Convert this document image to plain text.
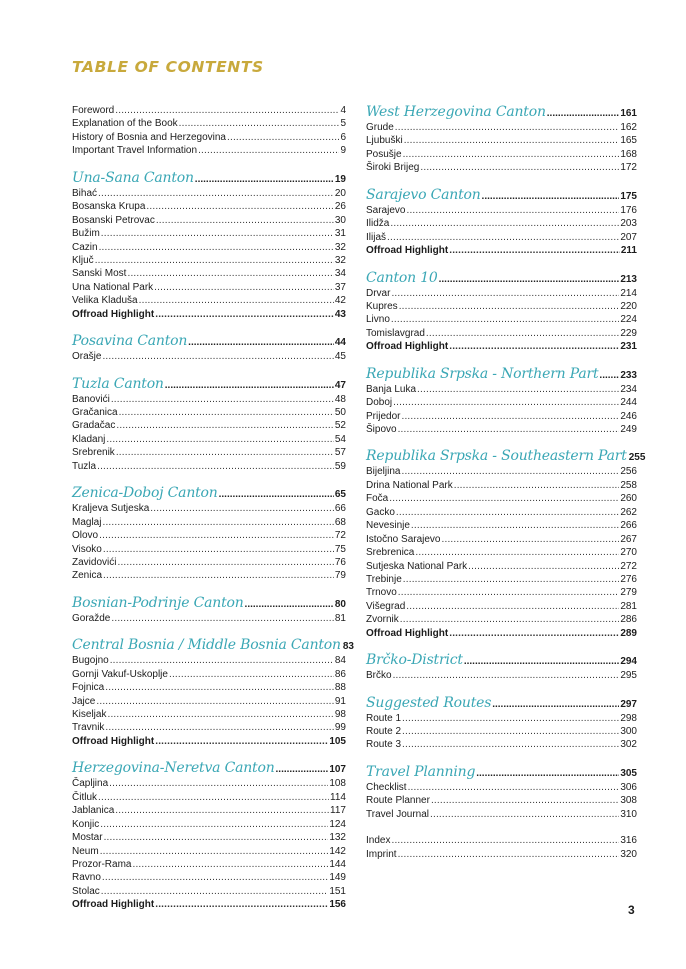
TABLE OF CONTENTS
Foreword .....	4
Explanation of the Book .....	5
History of Bosnia and Herzegovina .....	6
Important Travel Information .....	9
Una-Sana Canton .....	19
Bihać .....	20
Bosanska Krupa .....	26
Bosanski Petrovac .....	30
Bužim .....	31
Cazin .....	32
Ključ .....	32
Sanski Most .....	34
Una National Park .....	37
Velika Kladuša .....	42
Offroad Highlight .....	43
Posavina Canton .....	44
Orašje .....	45
Tuzla Canton .....	47
Banovići .....	48
Gračanica .....	50
Gradačac .....	52
Kladanj .....	54
Srebrenik .....	57
Tuzla .....	59
Zenica-Doboj Canton .....	65
Kraljeva Sutjeska .....	66
Maglaj .....	68
Olovo .....	72
Visoko .....	75
Zavidovići .....	76
Zenica .....	79
Bosnian-Podrinje Canton .....	80
Goražde .....	81
Central Bosnia / Middle Bosnia Canton 83
Bugojno .....	84
Gornji Vakuf-Uskoplje .....	86
Fojnica .....	88
Jajce .....	91
Kiseljak .....	98
Travnik .....	99
Offroad Highlight .....	105
Herzegovina-Neretva Canton .....	107
Čapljina .....	108
Čitluk .....	114
Jablanica .....	117
Konjic .....	124
Mostar .....	132
Neum .....	142
Prozor-Rama .....	144
Ravno .....	149
Stolac .....	151
Offroad Highlight .....	156
West Herzegovina Canton .....	161
Grude .....	162
Ljubuški .....	165
Posušje .....	168
Široki Brijeg .....	172
Sarajevo Canton .....	175
Sarajevo .....	176
Ilidža .....	203
Ilijaš .....	207
Offroad Highlight .....	211
Canton 10 .....	213
Drvar .....	214
Kupres .....	220
Livno .....	224
Tomislavgrad .....	229
Offroad Highlight .....	231
Republika Srpska - Northern Part ..... 233
Banja Luka .....	234
Doboj .....	244
Prijedor .....	246
Šipovo .....	249
Republika Srpska - Southeastern Part 255
Bijeljina .....	256
Drina National Park .....	258
Foča .....	260
Gacko .....	262
Nevesinje .....	266
Istočno Sarajevo .....	267
Srebrenica .....	270
Sutjeska National Park .....	272
Trebinje .....	276
Trnovo .....	279
Višegrad .....	281
Zvornik .....	286
Offroad Highlight .....	289
Brčko-District .....	294
Brčko .....	295
Suggested Routes .....	297
Route 1 .....	298
Route 2 .....	300
Route 3 .....	302
Travel Planning .....	305
Checklist .....	306
Route Planner .....	308
Travel Journal .....	310
Index .....	316
Imprint .....	320
3
